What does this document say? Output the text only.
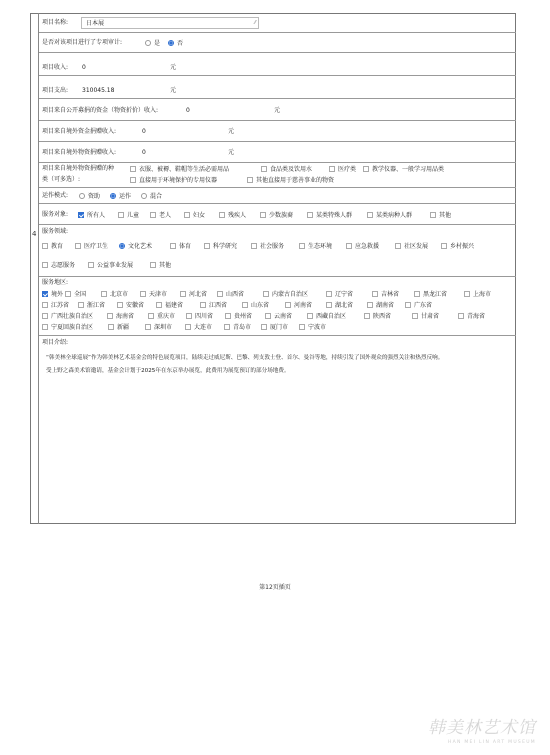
4
项目名称:	日本展	⁄⁄
是否对该项目进行了专项审计:	是	否
项目收入: 0	元
项目支出: 310045.18	元
项目来自公开募捐的资金（物资折价）收入:	0	元
项目来自境外资金捐赠收入:	0	元
项目来自境外物资捐赠收入:	0	元
项目来自境外物资捐赠的种
类（可多选）:
衣服、被褥、鞋帽等生活必需用品	食品类及饮用水	医疗类	教学仪器、一般学习用品类
直接用于环境保护的专用仪器	其他直接用于慈善事业的物资
运作模式:	资助	运作	混合
服务对象:	所有人	儿童	老人	妇女	残疾人	少数族裔	某类特殊人群	某类病种人群	其他
服务领域:
教育	医疗卫生	文化艺术	体育	科学研究	社会服务	生态环境	应急救援	社区发展	乡村振兴
志愿服务	公益事业发展	其他
服务地区:
境外	全国	北京市	天津市	河北省	山西省	内蒙古自治区	辽宁省	吉林省	黑龙江省	上海市
江苏省	浙江省	安徽省	福建省	江西省	山东省	河南省	湖北省	湖南省	广东省
广西壮族自治区	海南省	重庆市	四川省	贵州省	云南省	西藏自治区	陕西省	甘肃省	青海省
宁夏回族自治区	新疆	深圳市	大连市	青岛市	厦门市	宁波市
项目介绍:
“韩美林全球巡展”作为韩美林艺术基金会的特色展览项目，陆续走过威尼斯、巴黎、列支敦士登、首尔、曼谷等地，持续引发了国外观众的强烈关注和热烈反响。
受上野之森美术馆邀请，基金会计划于2025年在东京举办展览，此费用为展览预订的部分场地费。
第12页插页
韩美林艺术馆
HAN MEI LIN ART MUSEUM
